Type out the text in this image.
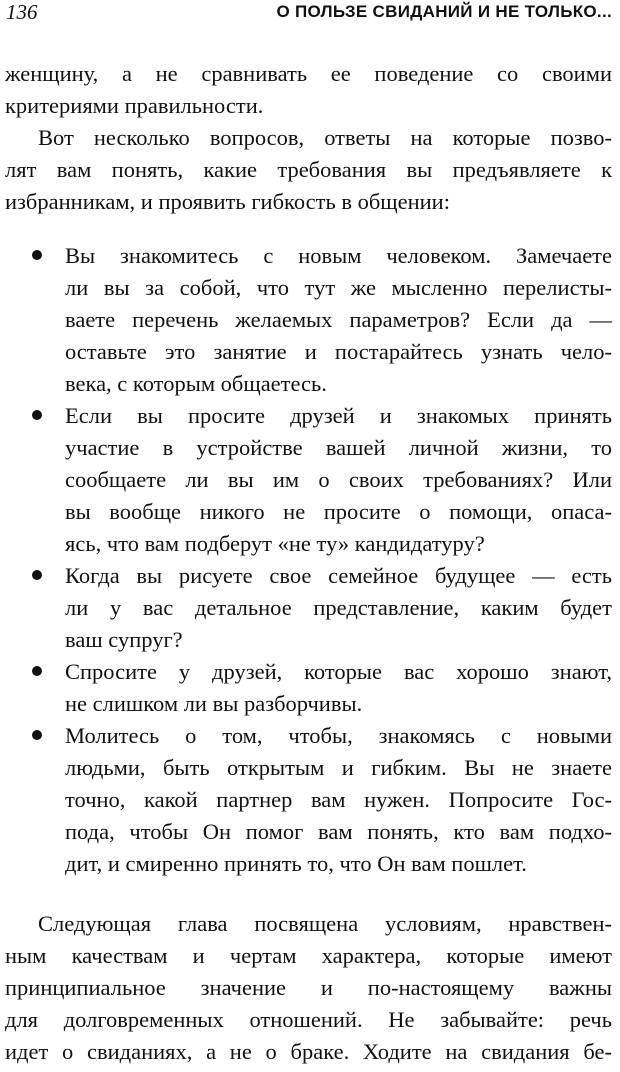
136	О ПОЛЬЗЕ СВИДАНИЙ И НЕ ТОЛЬКО...
женщину, а не сравнивать ее поведение со своими
критериями правильности.
Вот несколько вопросов, ответы на которые позво-
лят вам понять, какие требования вы предъявляете к
избранникам, и проявить гибкость в общении:
Вы знакомитесь с новым человеком. Замечаете
ли вы за собой, что тут же мысленно перелисты-
ваете перечень желаемых параметров? Если да —
оставьте это занятие и постарайтесь узнать чело-
века, с которым общаетесь.
Если вы просите друзей и знакомых принять
участие в устройстве вашей личной жизни, то
сообщаете ли вы им о своих требованиях? Или
вы вообще никого не просите о помощи, опаса-
ясь, что вам подберут «не ту» кандидатуру?
Когда вы рисуете свое семейное будущее — есть
ли у вас детальное представление, каким будет
ваш супруг?
Спросите у друзей, которые вас хорошо знают,
не слишком ли вы разборчивы.
Молитесь о том, чтобы, знакомясь с новыми
людьми, быть открытым и гибким. Вы не знаете
точно, какой партнер вам нужен. Попросите Гос-
пода, чтобы Он помог вам понять, кто вам подхо-
дит, и смиренно принять то, что Он вам пошлет.
Следующая глава посвящена условиям, нравствен-
ным качествам и чертам характера, которые имеют
принципиальное значение и по-настоящему важны
для долговременных отношений. Не забывайте: речь
идет о свиданиях, а не о браке. Ходите на свидания бе-
